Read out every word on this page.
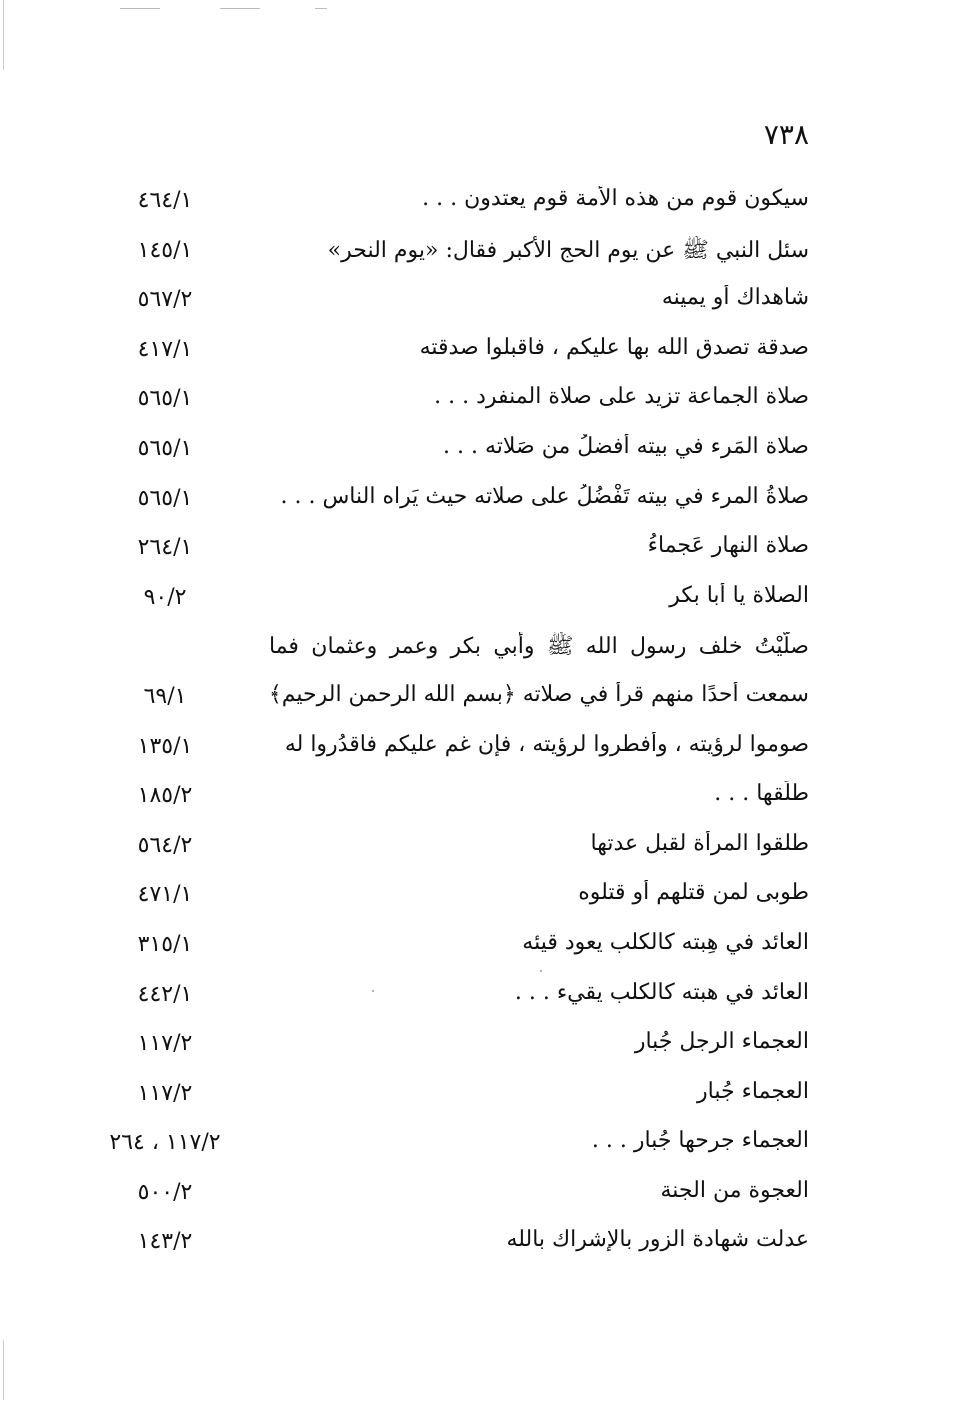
٧٣٨
سيكون قوم من هذه الأمة قوم يعتدون . . .
٤٦٤/١
سئل النبي ﷺ عن يوم الحج الأكبر فقال: «يوم النحر»
١٤٥/١
شاهداك أو يمينه
٥٦٧/٢
صدقة تصدق الله بها عليكم ، فاقبلوا صدقته
٤١٧/١
صلاة الجماعة تزيد على صلاة المنفرد . . .
٥٦٥/١
صلاة المَرء في بيته أفضلُ من صَلاته . . .
٥٦٥/١
صلاةُ المرء في بيته تَفْضُلُ على صلاته حيث يَراه الناس . . .
٥٦٥/١
صلاة النهار عَجماءُ
٢٦٤/١
الصلاة يا أبا بكر
٩٠/٢
صلَّيْتُ خلف رسول الله ﷺ وأبي بكر وعمر وعثمان فما
سمعت أحدًا منهم قرأ في صلاته ﴿بسم الله الرحمن الرحيم﴾
٦٩/١
صوموا لرؤيته ، وأفطروا لرؤيته ، فإن غم عليكم فاقدُروا له
١٣٥/١
طلِّقها . . .
١٨٥/٢
طلقوا المرأة لقبل عدتها
٥٦٤/٢
طوبى لمن قتلهم أو قتلوه
٤٧١/١
العائد في هِبته كالكلب يعود قيئه
٣١٥/١
العائد في هبته كالكلب يقيء . . .
٤٤٢/١
العجماء الرجل جُبار
١١٧/٢
العجماء جُبار
١١٧/٢
العجماء جرحها جُبار . . .
١١٧/٢ ، ٢٦٤
العجوة من الجنة
٥٠٠/٢
عدلت شهادة الزور بالإشراك بالله
١٤٣/٢
